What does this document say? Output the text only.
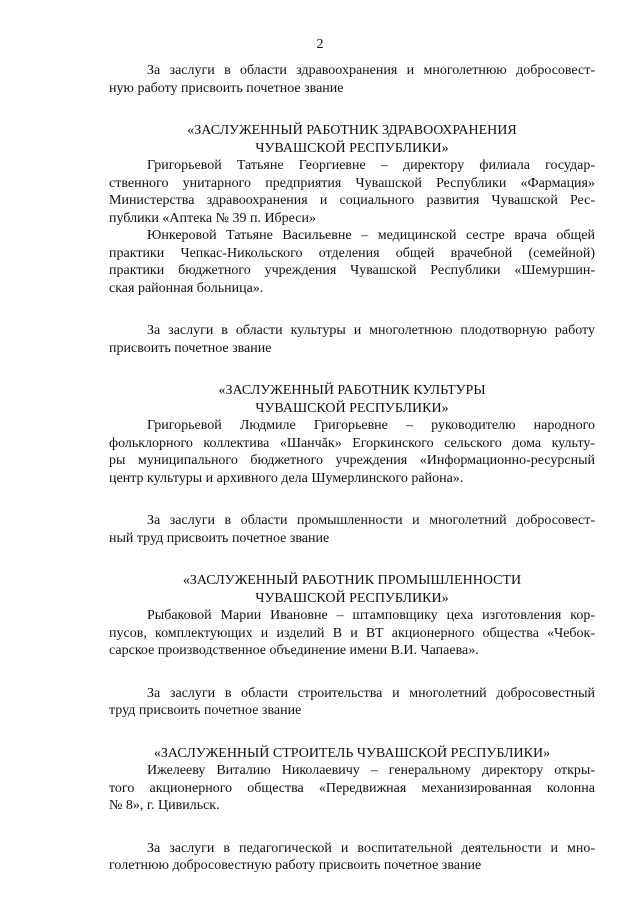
2
За заслуги в области здравоохранения и многолетнюю добросовест-
ную работу присвоить почетное звание
«ЗАСЛУЖЕННЫЙ РАБОТНИК ЗДРАВООХРАНЕНИЯ
ЧУВАШСКОЙ РЕСПУБЛИКИ»
Григорьевой Татьяне Георгиевне – директору филиала государ-
ственного унитарного предприятия Чувашской Республики «Фармация»
Министерства здравоохранения и социального развития Чувашской Рес-
публики «Аптека № 39 п. Ибреси»
Юнкеровой Татьяне Васильевне – медицинской сестре врача общей
практики Чепкас-Никольского отделения общей врачебной (семейной)
практики бюджетного учреждения Чувашской Республики «Шемуршин-
ская районная больница».
За заслуги в области культуры и многолетнюю плодотворную работу
присвоить почетное звание
«ЗАСЛУЖЕННЫЙ РАБОТНИК КУЛЬТУРЫ
ЧУВАШСКОЙ РЕСПУБЛИКИ»
Григорьевой Людмиле Григорьевне – руководителю народного
фольклорного коллектива «Шанчăк» Егоркинского сельского дома культу-
ры муниципального бюджетного учреждения «Информационно-ресурсный
центр культуры и архивного дела Шумерлинского района».
За заслуги в области промышленности и многолетний добросовест-
ный труд присвоить почетное звание
«ЗАСЛУЖЕННЫЙ РАБОТНИК ПРОМЫШЛЕННОСТИ
ЧУВАШСКОЙ РЕСПУБЛИКИ»
Рыбаковой Марии Ивановне – штамповщику цеха изготовления кор-
пусов, комплектующих и изделий В и ВТ акционерного общества «Чебок-
сарское производственное объединение имени В.И. Чапаева».
За заслуги в области строительства и многолетний добросовестный
труд присвоить почетное звание
«ЗАСЛУЖЕННЫЙ СТРОИТЕЛЬ ЧУВАШСКОЙ РЕСПУБЛИКИ»
Ижелееву Виталию Николаевичу – генеральному директору откры-
того акционерного общества «Передвижная механизированная колонна
№ 8», г. Цивильск.
За заслуги в педагогической и воспитательной деятельности и мно-
голетнюю добросовестную работу присвоить почетное звание
